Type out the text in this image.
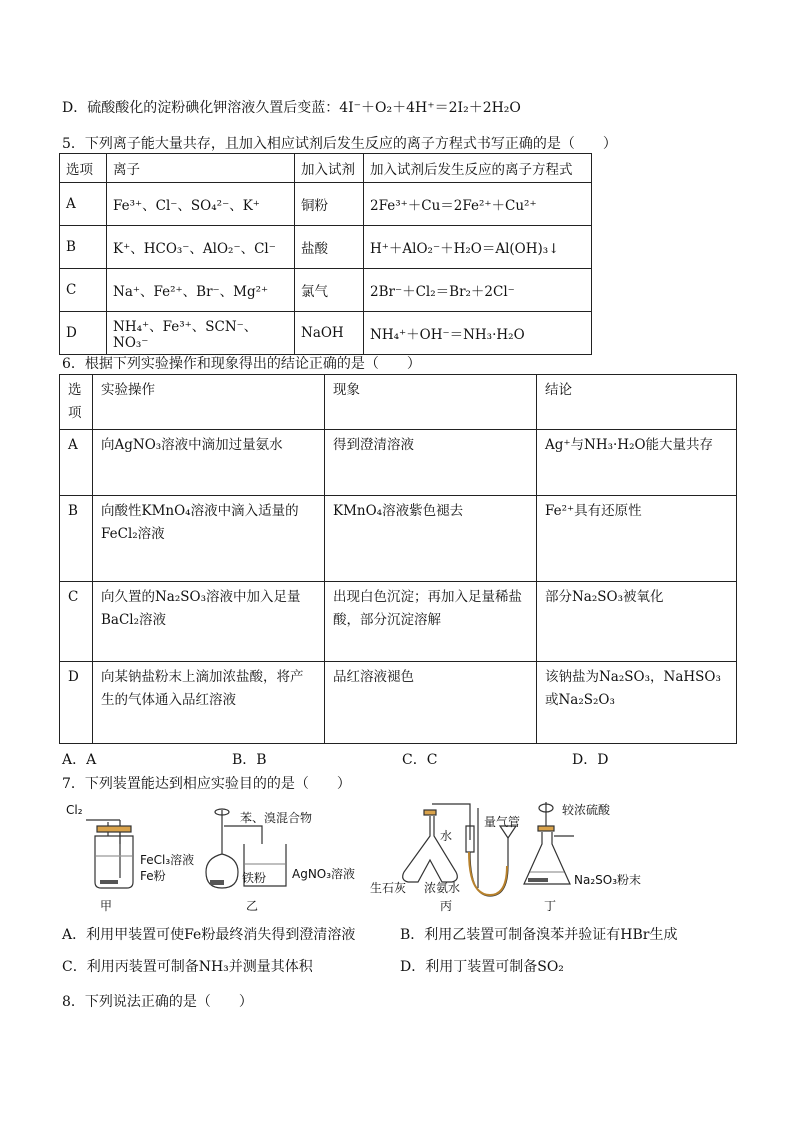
D．硫酸酸化的淀粉碘化钾溶液久置后变蓝：4I⁻＋O₂＋4H⁺＝2I₂＋2H₂O
5．下列离子能大量共存，且加入相应试剂后发生反应的离子方程式书写正确的是（　　）
选项	离子	加入试剂	加入试剂后发生反应的离子方程式
A	Fe³⁺、Cl⁻、SO₄²⁻、K⁺	铜粉	2Fe³⁺＋Cu＝2Fe²⁺＋Cu²⁺
B	K⁺、HCO₃⁻、AlO₂⁻、Cl⁻	盐酸	H⁺＋AlO₂⁻＋H₂O＝Al(OH)₃↓
C	Na⁺、Fe²⁺、Br⁻、Mg²⁺	氯气	2Br⁻＋Cl₂＝Br₂＋2Cl⁻
D	NH₄⁺、Fe³⁺、SCN⁻、NO₃⁻	NaOH	NH₄⁺＋OH⁻＝NH₃·H₂O
6．根据下列实验操作和现象得出的结论正确的是（　　）
选项	实验操作	现象	结论
A	向AgNO₃溶液中滴加过量氨水	得到澄清溶液	Ag⁺与NH₃·H₂O能大量共存
B	向酸性KMnO₄溶液中滴入适量的FeCl₂溶液	KMnO₄溶液紫色褪去	Fe²⁺具有还原性
C	向久置的Na₂SO₃溶液中加入足量BaCl₂溶液	出现白色沉淀；再加入足量稀盐酸，部分沉淀溶解	部分Na₂SO₃被氧化
D	向某钠盐粉末上滴加浓盐酸，将产生的气体通入品红溶液	品红溶液褪色	该钠盐为Na₂SO₃，NaHSO₃或Na₂S₂O₃
A．A	B．B	C．C	D．D
7．下列装置能达到相应实验目的的是（　　）
Cl₂
FeCl₃溶液
Fe粉
甲
苯、溴混合物
铁粉 AgNO₃溶液
乙
水
量气管
生石灰 浓氨水
丙
较浓硫酸
Na₂SO₃粉末
丁
A．利用甲装置可使Fe粉最终消失得到澄清溶液	B．利用乙装置可制备溴苯并验证有HBr生成
C．利用丙装置可制备NH₃并测量其体积	D．利用丁装置可制备SO₂
8．下列说法正确的是（　　）
